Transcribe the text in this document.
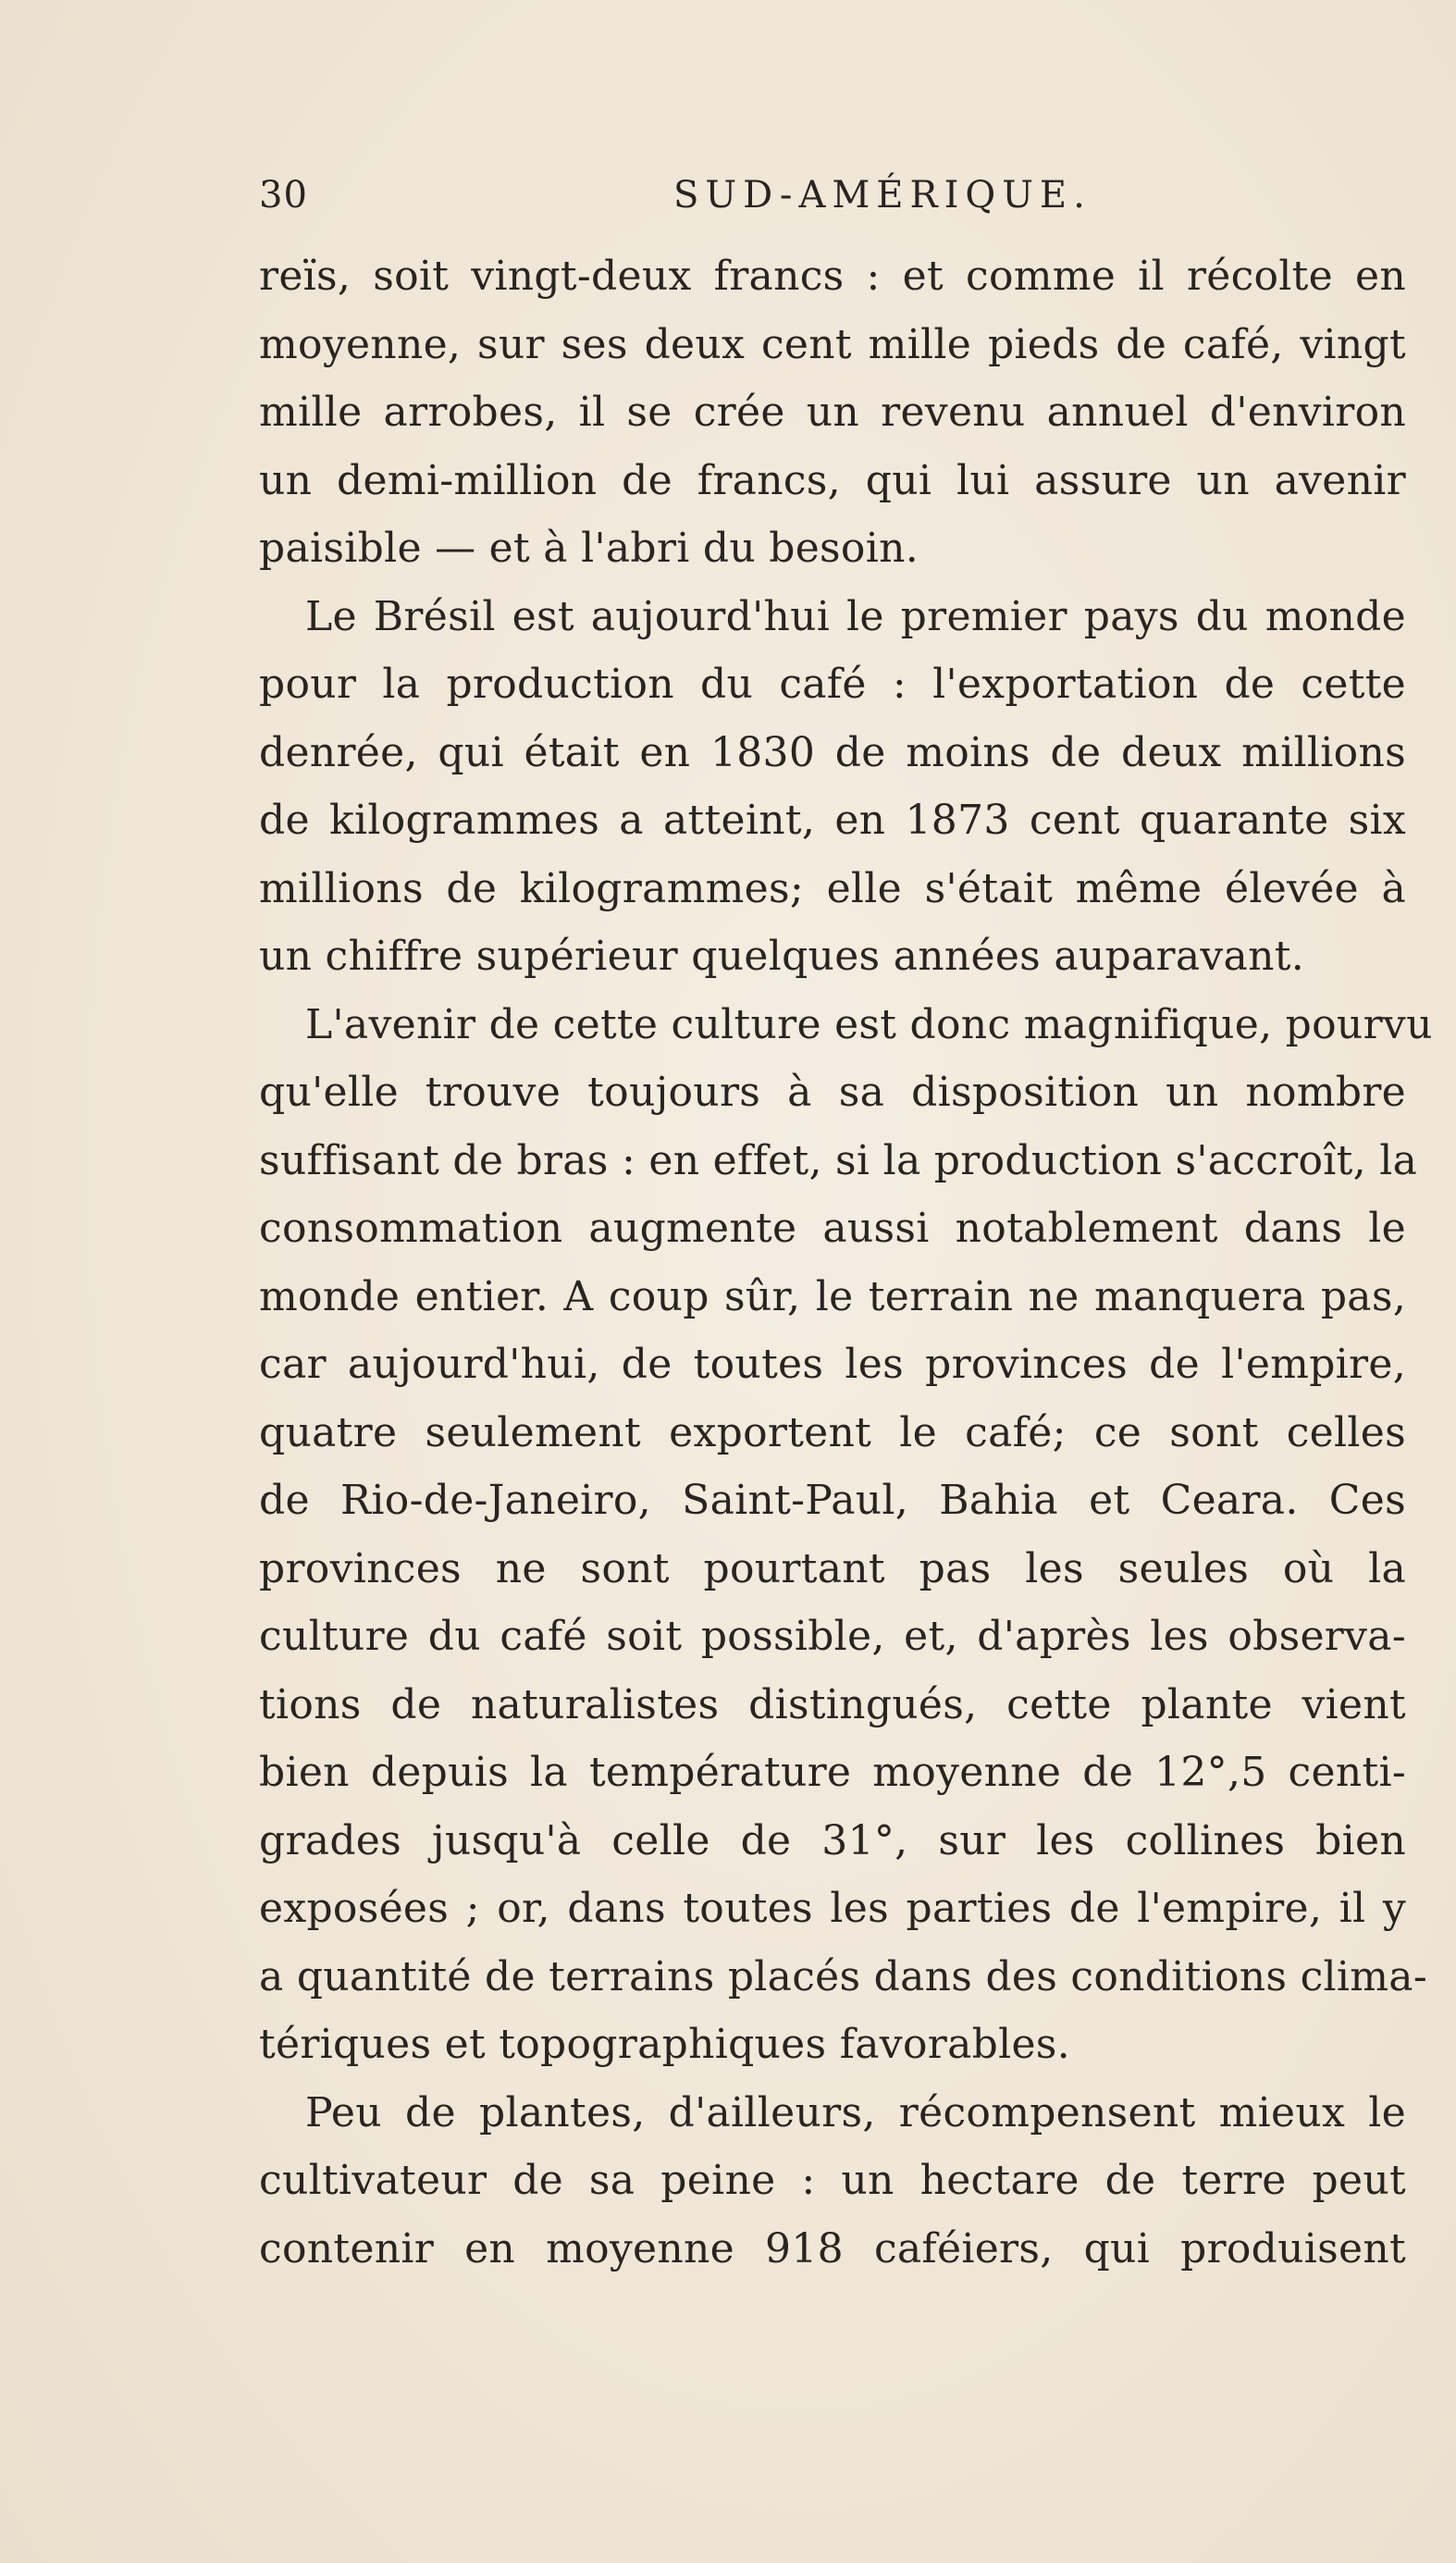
30	SUD-AMÉRIQUE.
reïs, soit vingt-deux francs : et comme il récolte en
moyenne, sur ses deux cent mille pieds de café, vingt
mille arrobes, il se crée un revenu annuel d'environ
un demi-million de francs, qui lui assure un avenir
paisible — et à l'abri du besoin.
Le Brésil est aujourd'hui le premier pays du monde
pour la production du café : l'exportation de cette
denrée, qui était en 1830 de moins de deux millions
de kilogrammes a atteint, en 1873 cent quarante six
millions de kilogrammes; elle s'était même élevée à
un chiffre supérieur quelques années auparavant.
L'avenir de cette culture est donc magnifique, pourvu
qu'elle trouve toujours à sa disposition un nombre
suffisant de bras : en effet, si la production s'accroît, la
consommation augmente aussi notablement dans le
monde entier. A coup sûr, le terrain ne manquera pas,
car aujourd'hui, de toutes les provinces de l'empire,
quatre seulement exportent le café; ce sont celles
de Rio-de-Janeiro, Saint-Paul, Bahia et Ceara. Ces
provinces ne sont pourtant pas les seules où la
culture du café soit possible, et, d'après les observa-
tions de naturalistes distingués, cette plante vient
bien depuis la température moyenne de 12°,5 centi-
grades jusqu'à celle de 31°, sur les collines bien
exposées ; or, dans toutes les parties de l'empire, il y
a quantité de terrains placés dans des conditions clima-
tériques et topographiques favorables.
Peu de plantes, d'ailleurs, récompensent mieux le
cultivateur de sa peine : un hectare de terre peut
contenir en moyenne 918 caféiers, qui produisent
